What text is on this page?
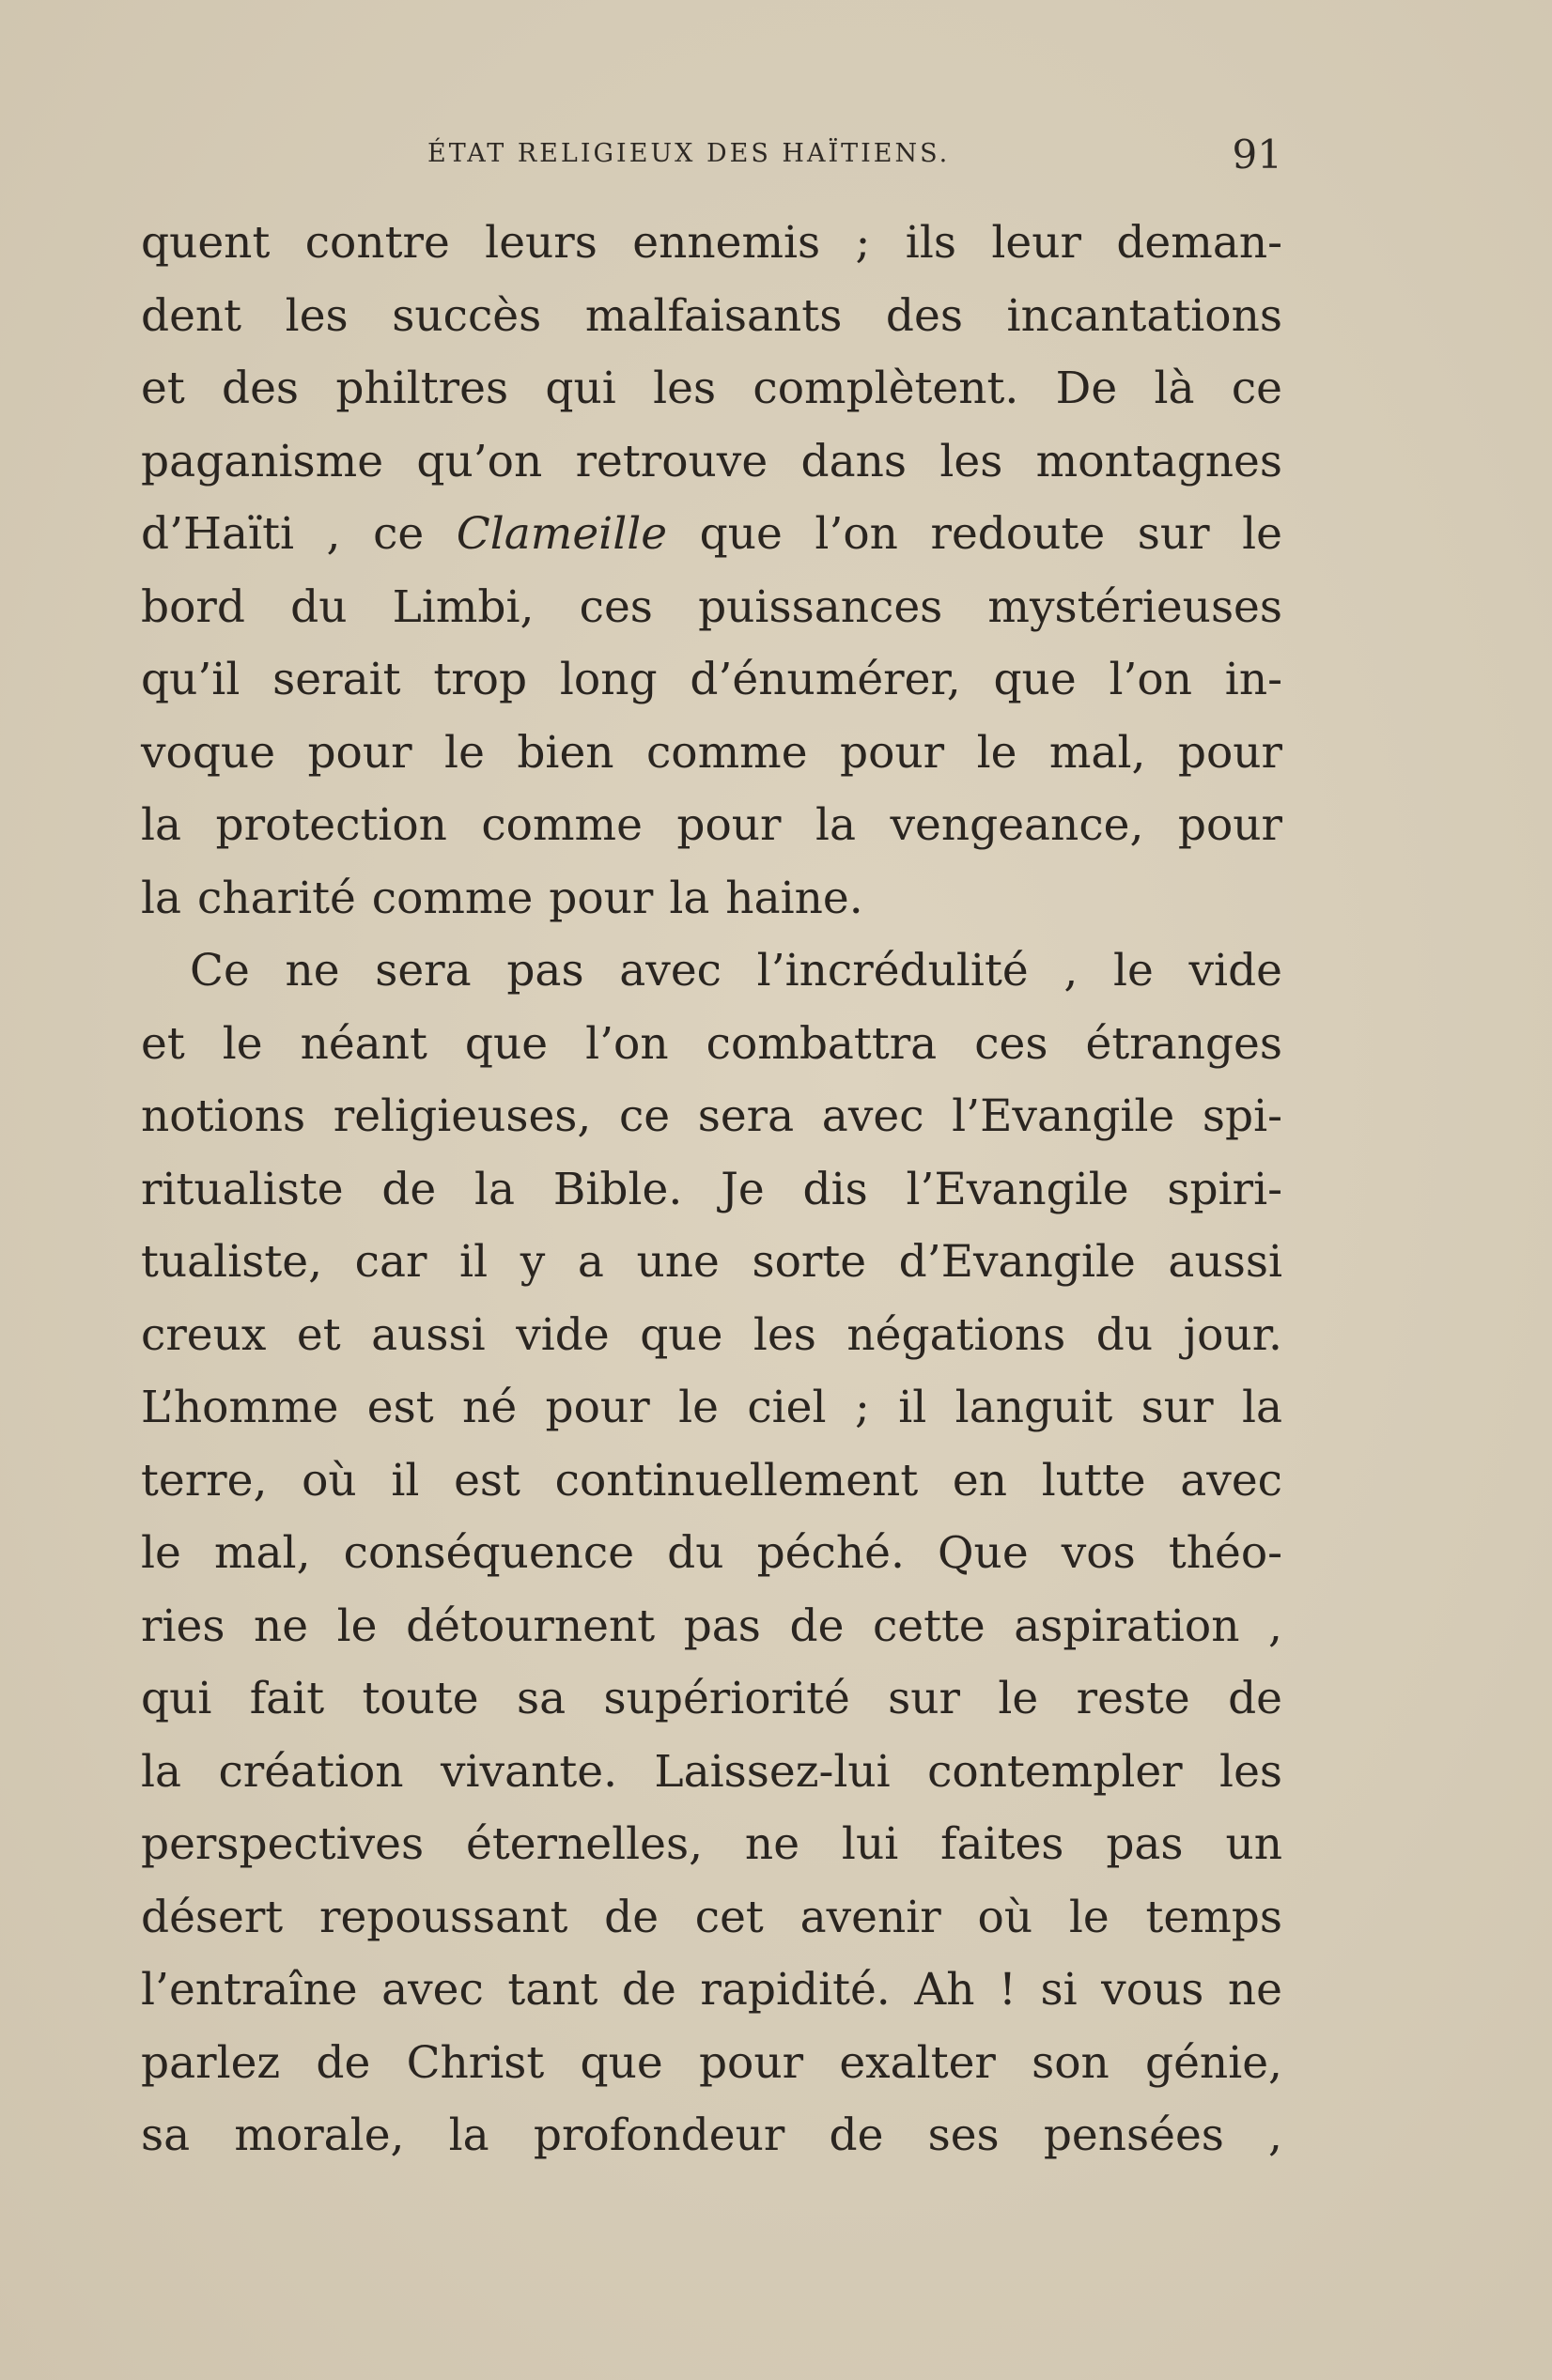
ÉTAT RELIGIEUX DES HAÏTIENS.	91
quent contre leurs ennemis ; ils leur deman-
dent les succès malfaisants des incantations
et des philtres qui les complètent. De là ce
paganisme qu’on retrouve dans les montagnes
d’Haïti , ce Clameille que l’on redoute sur le
bord du Limbi, ces puissances mystérieuses
qu’il serait trop long d’énumérer, que l’on in-
voque pour le bien comme pour le mal, pour
la protection comme pour la vengeance, pour
la charité comme pour la haine.
Ce ne sera pas avec l’incrédulité , le vide
et le néant que l’on combattra ces étranges
notions religieuses, ce sera avec l’Evangile spi-
ritualiste de la Bible. Je dis l’Evangile spiri-
tualiste, car il y a une sorte d’Evangile aussi
creux et aussi vide que les négations du jour.
L’homme est né pour le ciel ; il languit sur la
terre, où il est continuellement en lutte avec
le mal, conséquence du péché. Que vos théo-
ries ne le détournent pas de cette aspiration ,
qui fait toute sa supériorité sur le reste de
la création vivante. Laissez-lui contempler les
perspectives éternelles, ne lui faites pas un
désert repoussant de cet avenir où le temps
l’entraîne avec tant de rapidité. Ah ! si vous ne
parlez de Christ que pour exalter son génie,
sa morale, la profondeur de ses pensées ,
